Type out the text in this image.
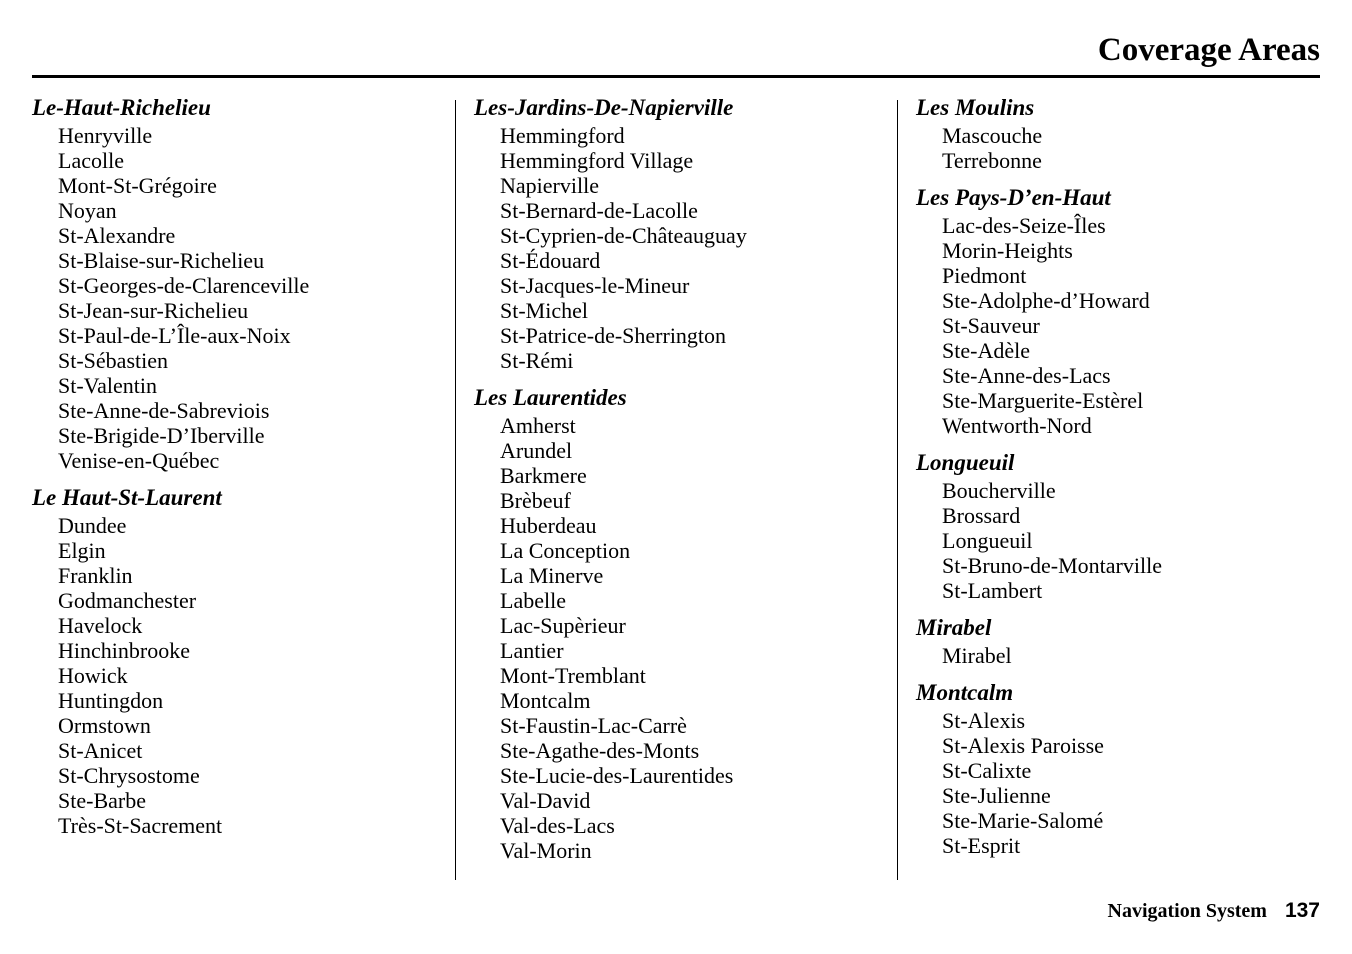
Coverage Areas
Le-Haut-Richelieu
Henryville
Lacolle
Mont-St-Grégoire
Noyan
St-Alexandre
St-Blaise-sur-Richelieu
St-Georges-de-Clarenceville
St-Jean-sur-Richelieu
St-Paul-de-L’Île-aux-Noix
St-Sébastien
St-Valentin
Ste-Anne-de-Sabreviois
Ste-Brigide-D’Iberville
Venise-en-Québec
Le Haut-St-Laurent
Dundee
Elgin
Franklin
Godmanchester
Havelock
Hinchinbrooke
Howick
Huntingdon
Ormstown
St-Anicet
St-Chrysostome
Ste-Barbe
Très-St-Sacrement
Les-Jardins-De-Napierville
Hemmingford
Hemmingford Village
Napierville
St-Bernard-de-Lacolle
St-Cyprien-de-Châteauguay
St-Édouard
St-Jacques-le-Mineur
St-Michel
St-Patrice-de-Sherrington
St-Rémi
Les Laurentides
Amherst
Arundel
Barkmere
Brèbeuf
Huberdeau
La Conception
La Minerve
Labelle
Lac-Supèrieur
Lantier
Mont-Tremblant
Montcalm
St-Faustin-Lac-Carrè
Ste-Agathe-des-Monts
Ste-Lucie-des-Laurentides
Val-David
Val-des-Lacs
Val-Morin
Les Moulins
Mascouche
Terrebonne
Les Pays-D’en-Haut
Lac-des-Seize-Îles
Morin-Heights
Piedmont
Ste-Adolphe-d’Howard
St-Sauveur
Ste-Adèle
Ste-Anne-des-Lacs
Ste-Marguerite-Estèrel
Wentworth-Nord
Longueuil
Boucherville
Brossard
Longueuil
St-Bruno-de-Montarville
St-Lambert
Mirabel
Mirabel
Montcalm
St-Alexis
St-Alexis Paroisse
St-Calixte
Ste-Julienne
Ste-Marie-Salomé
St-Esprit
Navigation System 137
